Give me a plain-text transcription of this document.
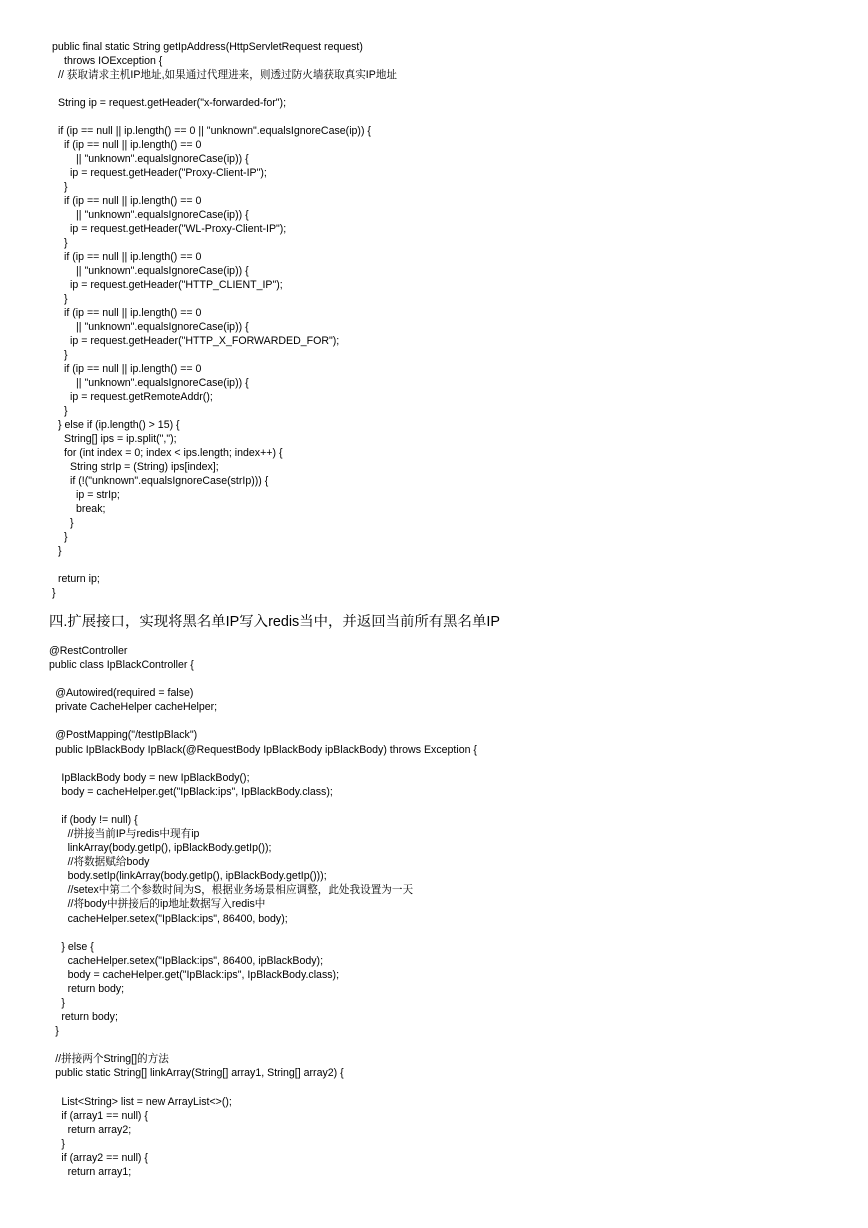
public final static String getIpAddress(HttpServletRequest request)
throws IOException {
// 获取请求主机IP地址,如果通过代理进来，则透过防火墙获取真实IP地址
String ip = request.getHeader("x-forwarded-for");
if (ip == null || ip.length() == 0 || "unknown".equalsIgnoreCase(ip)) {
if (ip == null || ip.length() == 0
|| "unknown".equalsIgnoreCase(ip)) {
ip = request.getHeader("Proxy-Client-IP");
}
if (ip == null || ip.length() == 0
|| "unknown".equalsIgnoreCase(ip)) {
ip = request.getHeader("WL-Proxy-Client-IP");
}
if (ip == null || ip.length() == 0
|| "unknown".equalsIgnoreCase(ip)) {
ip = request.getHeader("HTTP_CLIENT_IP");
}
if (ip == null || ip.length() == 0
|| "unknown".equalsIgnoreCase(ip)) {
ip = request.getHeader("HTTP_X_FORWARDED_FOR");
}
if (ip == null || ip.length() == 0
|| "unknown".equalsIgnoreCase(ip)) {
ip = request.getRemoteAddr();
}
} else if (ip.length() > 15) {
String[] ips = ip.split(",");
for (int index = 0; index < ips.length; index++) {
String strIp = (String) ips[index];
if (!("unknown".equalsIgnoreCase(strIp))) {
ip = strIp;
break;
}
}
}
return ip;
}
四.扩展接口，实现将黑名单IP写入redis当中，并返回当前所有黑名单IP
@RestController
public class IpBlackController {
@Autowired(required = false)
private CacheHelper cacheHelper;
@PostMapping("/testIpBlack")
public IpBlackBody IpBlack(@RequestBody IpBlackBody ipBlackBody) throws Exception {
IpBlackBody body = new IpBlackBody();
body = cacheHelper.get("IpBlack:ips", IpBlackBody.class);
if (body != null) {
//拼接当前IP与redis中现有ip
linkArray(body.getIp(), ipBlackBody.getIp());
//将数据赋给body
body.setIp(linkArray(body.getIp(), ipBlackBody.getIp()));
//setex中第二个参数时间为S，根据业务场景相应调整，此处我设置为一天
//将body中拼接后的ip地址数据写入redis中
cacheHelper.setex("IpBlack:ips", 86400, body);
} else {
cacheHelper.setex("IpBlack:ips", 86400, ipBlackBody);
body = cacheHelper.get("IpBlack:ips", IpBlackBody.class);
return body;
}
return body;
}
//拼接两个String[]的方法
public static String[] linkArray(String[] array1, String[] array2) {
List<String> list = new ArrayList<>();
if (array1 == null) {
return array2;
}
if (array2 == null) {
return array1;
